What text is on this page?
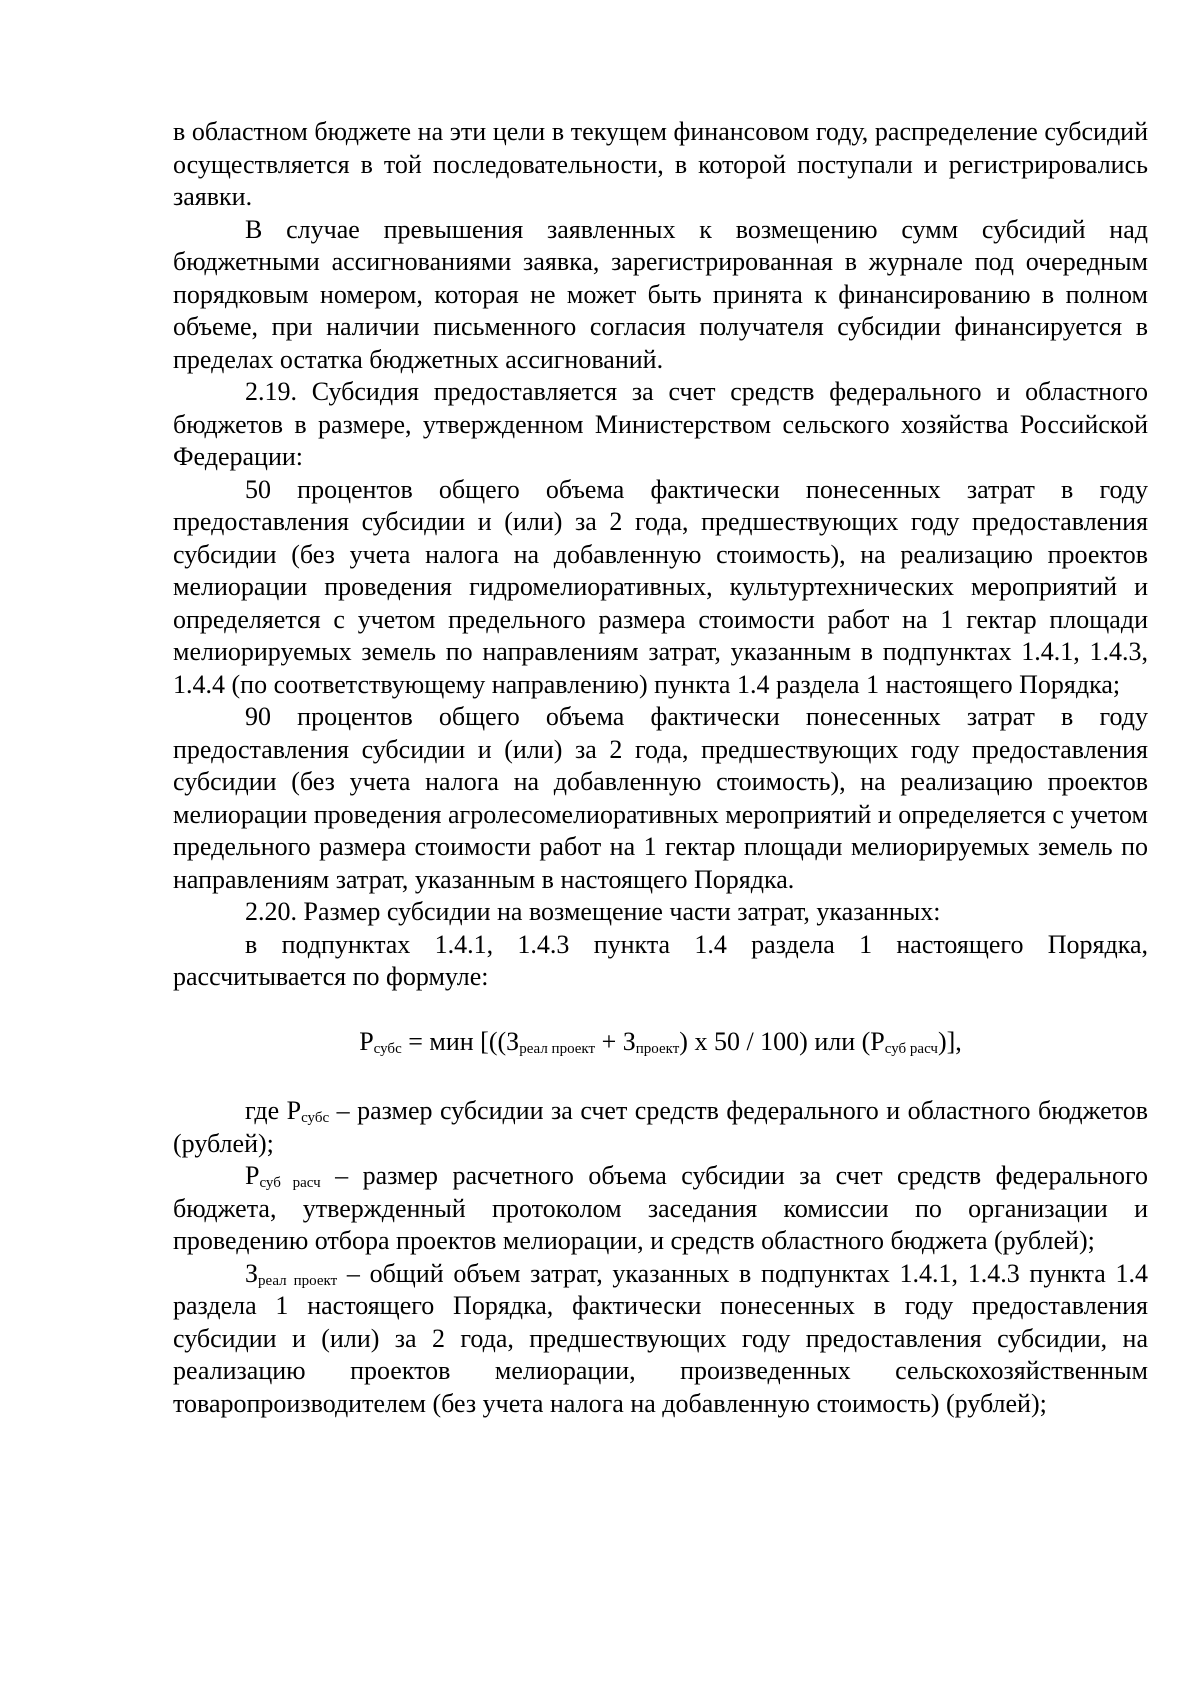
в областном бюджете на эти цели в текущем финансовом году, распределение субсидий осуществляется в той последовательности, в которой поступали и регистрировались заявки.

В случае превышения заявленных к возмещению сумм субсидий над бюджетными ассигнованиями заявка, зарегистрированная в журнале под очередным порядковым номером, которая не может быть принята к финансированию в полном объеме, при наличии письменного согласия получателя субсидии финансируется в пределах остатка бюджетных ассигнований.

2.19. Субсидия предоставляется за счет средств федерального и областного бюджетов в размере, утвержденном Министерством сельского хозяйства Российской Федерации:

50 процентов общего объема фактически понесенных затрат в году предоставления субсидии и (или) за 2 года, предшествующих году предоставления субсидии (без учета налога на добавленную стоимость), на реализацию проектов мелиорации проведения гидромелиоративных, культуртехнических мероприятий и определяется с учетом предельного размера стоимости работ на 1 гектар площади мелиорируемых земель по направлениям затрат, указанным в подпунктах 1.4.1, 1.4.3, 1.4.4 (по соответствующему направлению) пункта 1.4 раздела 1 настоящего Порядка;

90 процентов общего объема фактически понесенных затрат в году предоставления субсидии и (или) за 2 года, предшествующих году предоставления субсидии (без учета налога на добавленную стоимость), на реализацию проектов мелиорации проведения агролесомелиоративных мероприятий и определяется с учетом предельного размера стоимости работ на 1 гектар площади мелиорируемых земель по направлениям затрат, указанным в настоящего Порядка.

2.20. Размер субсидии на возмещение части затрат, указанных:

в подпунктах 1.4.1, 1.4.3 пункта 1.4 раздела 1 настоящего Порядка, рассчитывается по формуле:

$Р_{субс}$ = мин [($(З_{реал проект} + З_{проект})$ х 50 / 100) или $(Р_{суб расч})$],

где $Р_{субс}$ – размер субсидии за счет средств федерального и областного бюджетов (рублей);

$Р_{суб расч}$ – размер расчетного объема субсидии за счет средств федерального бюджета, утвержденный протоколом заседания комиссии по организации и проведению отбора проектов мелиорации, и средств областного бюджета (рублей);

$З_{реал проект}$ – общий объем затрат, указанных в подпунктах 1.4.1, 1.4.3 пункта 1.4 раздела 1 настоящего Порядка, фактически понесенных в году предоставления субсидии и (или) за 2 года, предшествующих году предоставления субсидии, на реализацию проектов мелиорации, произведенных сельскохозяйственным товаропроизводителем (без учета налога на добавленную стоимость) (рублей);
